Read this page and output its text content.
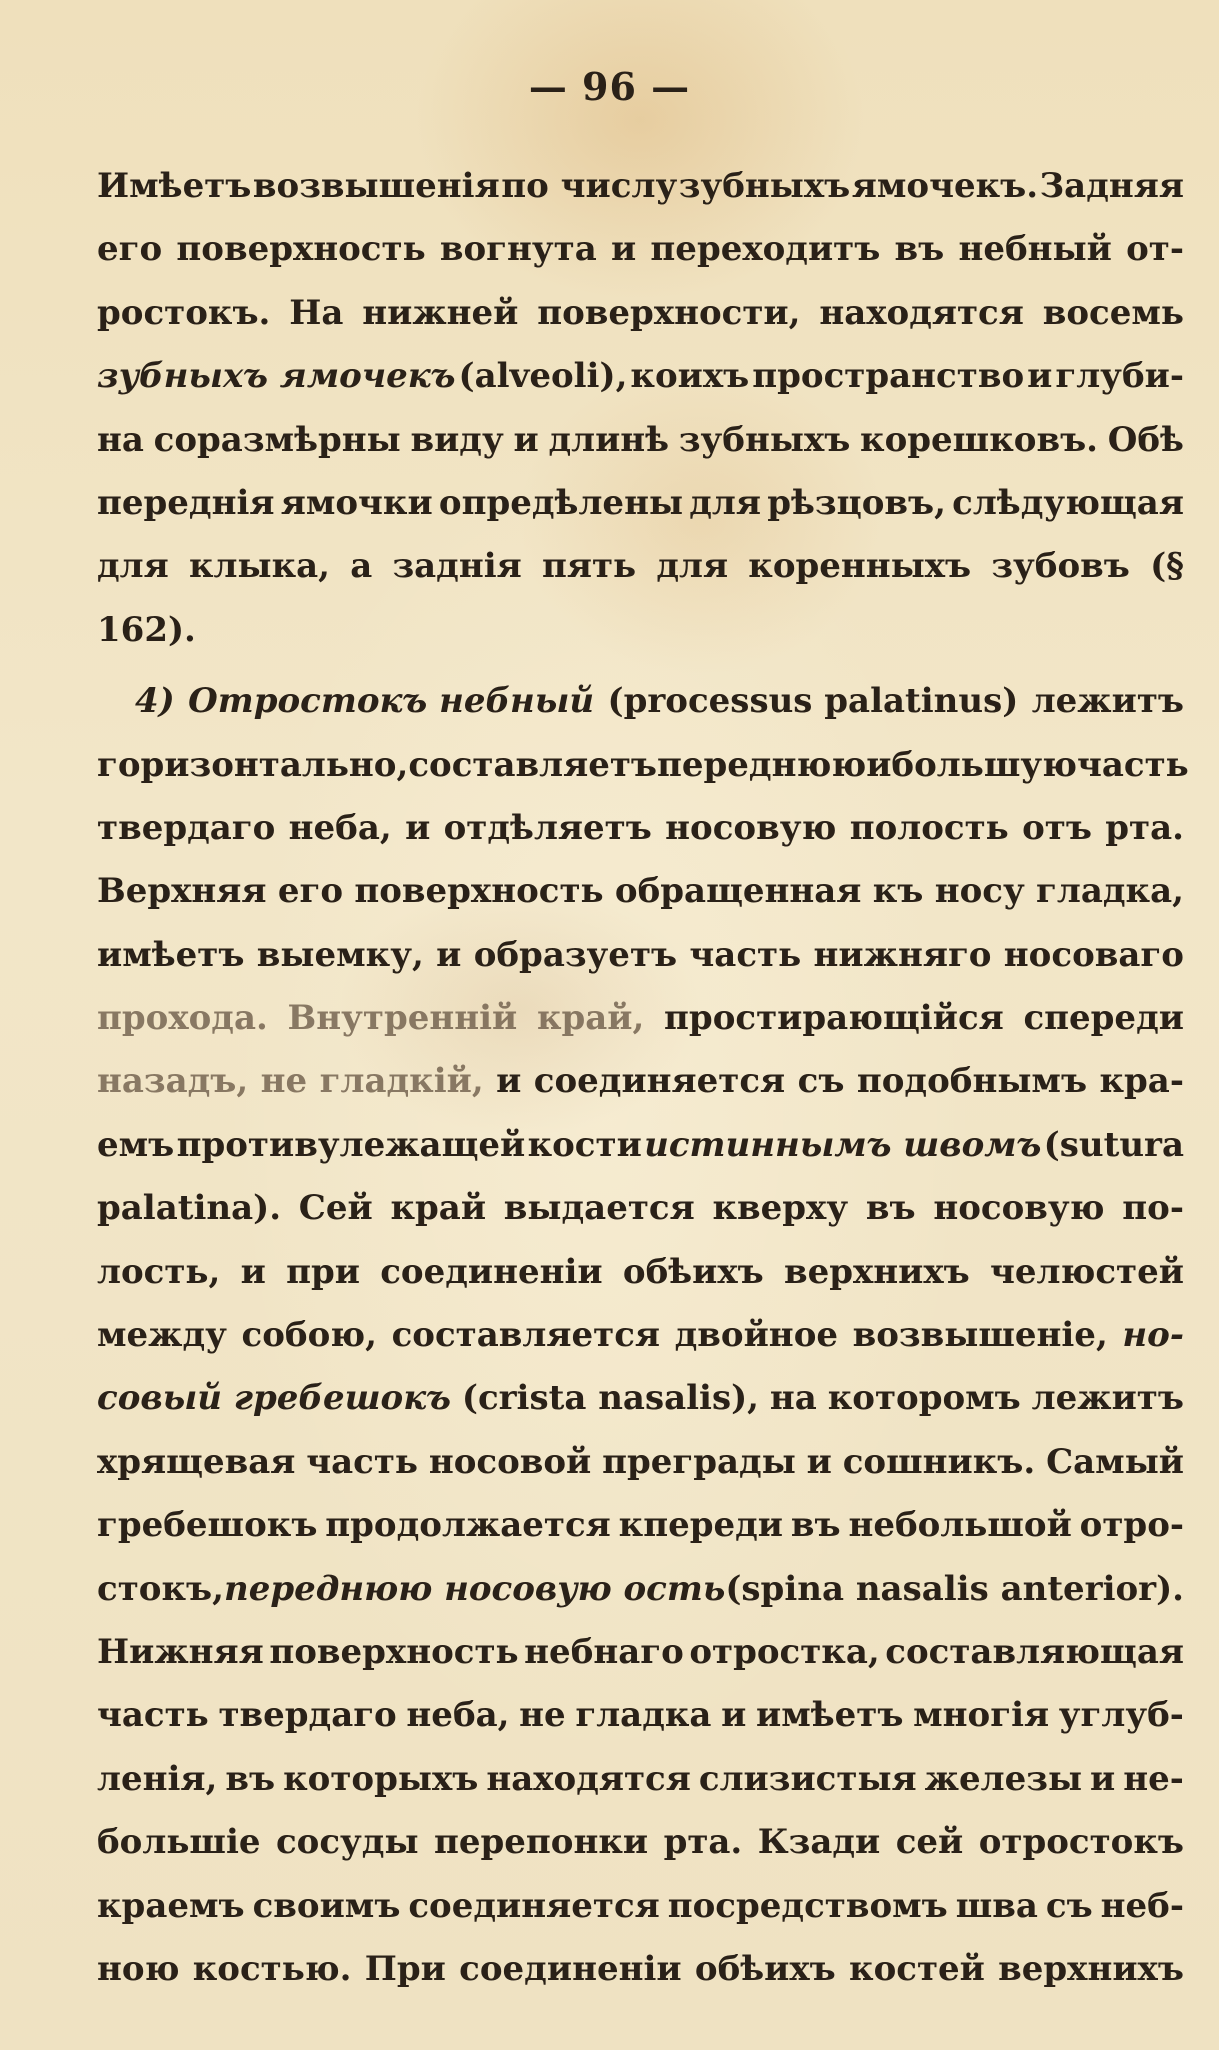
— 96 —
Имѣетъ возвышенія по числу зубныхъ ямочекъ. Задняя
его поверхность вогнута и переходитъ въ небный от-
ростокъ. На нижней поверхности, находятся восемь
зубныхъ ямочекъ (alveoli), коихъ пространство и глуби-
на соразмѣрны виду и длинѣ зубныхъ корешковъ. Обѣ
переднія ямочки опредѣлены для рѣзцовъ, слѣдующая
для клыка, а заднія пять для коренныхъ зубовъ (§
162).
4) Отростокъ небный (processus palatinus) лежитъ
горизонтально, составляетъ переднюю и большую часть
твердаго неба, и отдѣляетъ носовую полость отъ рта.
Верхняя его поверхность обращенная къ носу гладка,
имѣетъ выемку, и образуетъ часть нижняго носоваго
прохода. Внутренній край, простирающійся спереди
назадъ, не гладкій, и соединяется съ подобнымъ кра-
емъ противулежащей кости истиннымъ швомъ (sutura
palatina). Сей край выдается кверху въ носовую по-
лость, и при соединеніи обѣихъ верхнихъ челюстей
между собою, составляется двойное возвышеніе, но-
совый гребешокъ (crista nasalis), на которомъ лежитъ
хрящевая часть носовой преграды и сошникъ. Самый
гребешокъ продолжается кпереди въ небольшой отро-
стокъ, переднюю носовую ость (spina nasalis anterior).
Нижняя поверхность небнаго отростка, составляющая
часть твердаго неба, не гладка и имѣетъ многія углуб-
ленія, въ которыхъ находятся слизистыя железы и не-
большіе сосуды перепонки рта. Кзади сей отростокъ
краемъ своимъ соединяется посредствомъ шва съ неб-
ною костью. При соединеніи обѣихъ костей верхнихъ
